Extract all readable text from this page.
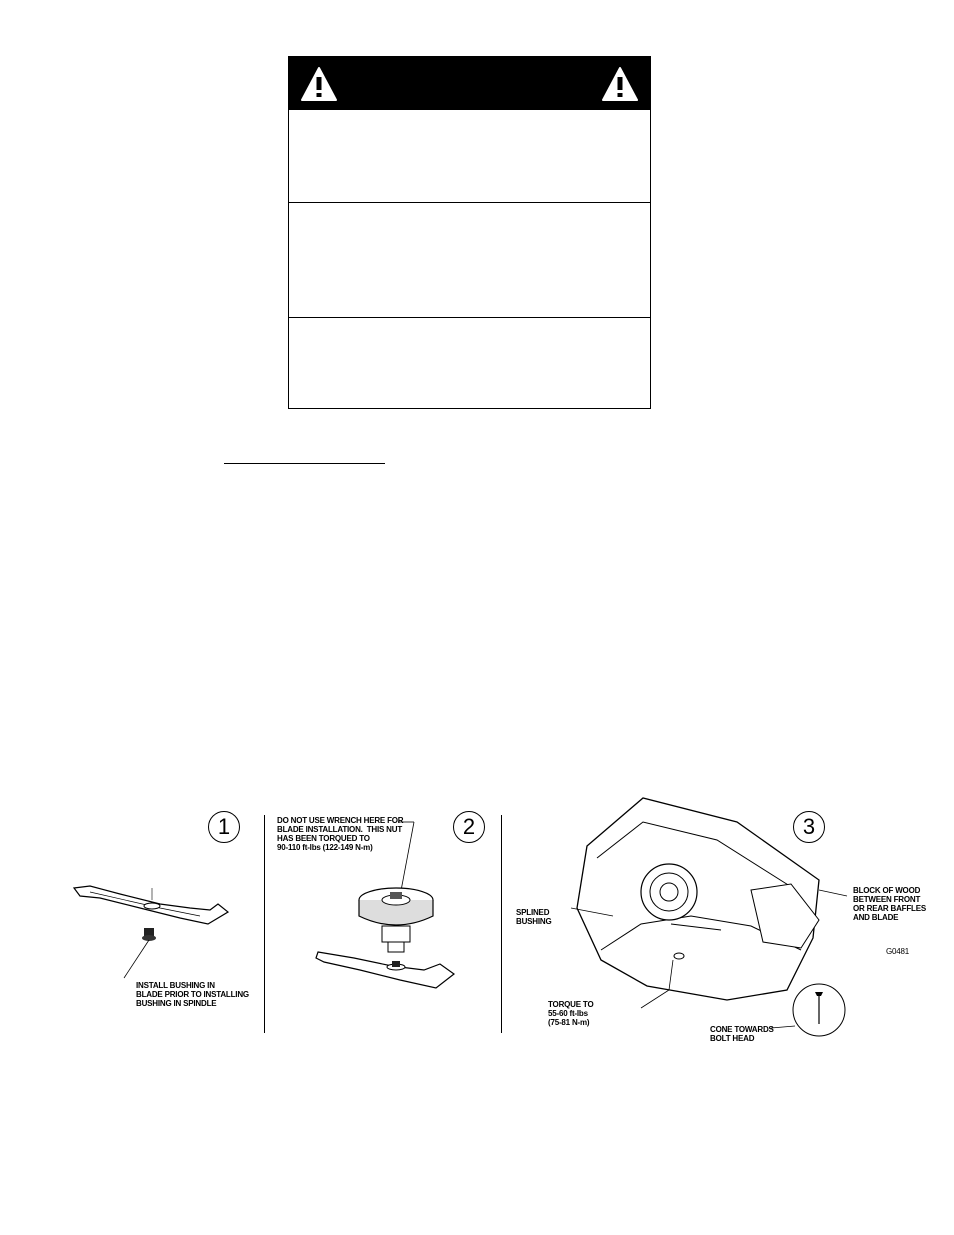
1
INSTALL BUSHING IN
BLADE PRIOR TO INSTALLING
BUSHING IN SPINDLE
2
DO NOT USE WRENCH HERE FOR
BLADE INSTALLATION.  THIS NUT
HAS BEEN TORQUED TO
90-110 ft-lbs (122-149 N-m)
3
SPLINED
BUSHING
BLOCK OF WOOD
BETWEEN FRONT
OR REAR BAFFLES
AND BLADE
G0481
TORQUE TO
55-60 ft-lbs
(75-81 N-m)
CONE TOWARDS
BOLT HEAD
